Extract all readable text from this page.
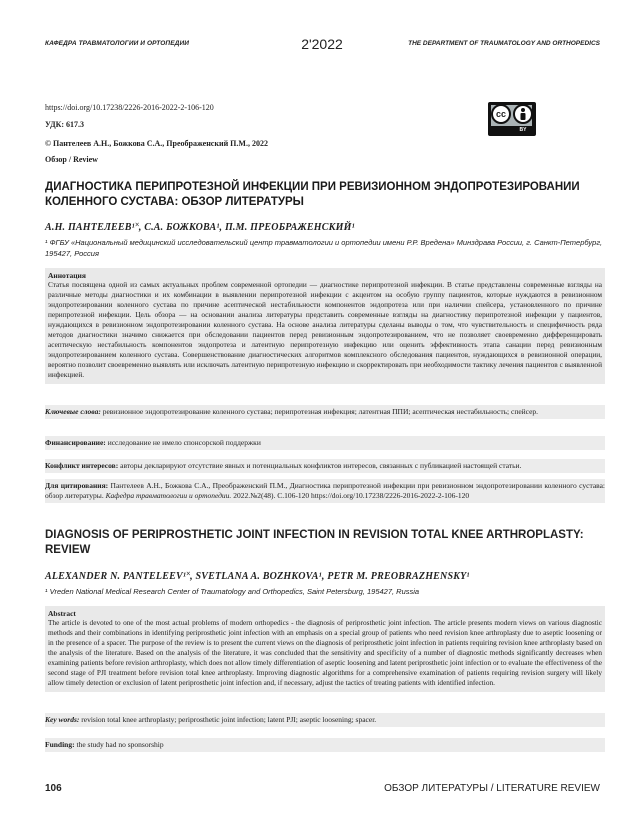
КАФЕДРА ТРАВМАТОЛОГИИ И ОРТОПЕДИИ	2'2022	THE DEPARTMENT OF TRAUMATOLOGY AND ORTHOPEDICS
https://doi.org/10.17238/2226-2016-2022-2-106-120
УДК: 617.3
© Пантелеев А.Н., Божкова С.А., Преображенский П.М., 2022
Обзор / Review
cc
BY
ДИАГНОСТИКА ПЕРИПРОТЕЗНОЙ ИНФЕКЦИИ ПРИ РЕВИЗИОННОМ ЭНДОПРОТЕЗИРОВАНИИ КОЛЕННОГО СУСТАВА: ОБЗОР ЛИТЕРАТУРЫ
А.Н. ПАНТЕЛЕЕВ¹˟, С.А. БОЖКОВА¹, П.М. ПРЕОБРАЖЕНСКИЙ¹
¹ ФГБУ «Национальный медицинский исследовательский центр травматологии и ортопедии имени Р.Р. Вредена» Минздрава России, г. Санкт-Петербург, 195427, Россия
Аннотация
Статья посвящена одной из самых актуальных проблем современной ортопедии — диагностике перипротезной инфекции. В статье представлены современные взгляды на различные методы диагностики и их комбинации в выявлении перипротезной инфекции с акцентом на особую группу пациентов, которые нуждаются в ревизионном эндопротезировании коленного сустава по причине асептической нестабильности компонентов эндопротеза или при наличии спейсера, установленного по причине перипротезной инфекции. Цель обзора — на основании анализа литературы представить современные взгляды на диагностику перипротезной инфекции у пациентов, нуждающихся в ревизионном эндопротезировании коленного сустава. На основе анализа литературы сделаны выводы о том, что чувствительность и специфичность ряда методов диагностики значимо снижается при обследовании пациентов перед ревизионным эндопротезированием, что не позволяет своевременно дифференцировать асептическую нестабильность компонентов эндопротеза и латентную перипротезную инфекцию или оценить эффективность этапа санации перед ревизионным эндопротезированием коленного сустава. Совершенствование диагностических алгоритмов комплексного обследования пациентов, нуждающихся в ревизионной операции, вероятно позволит своевременно выявлять или исключать латентную перипротезную инфекцию и скорректировать при необходимости тактику лечения пациентов с выявленной инфекцией.
Ключевые слова: ревизионное эндопротезирование коленного сустава; перипротезная инфекция; латентная ППИ; асептическая нестабильность; спейсер.
Финансирование: исследование не имело спонсорской поддержки
Конфликт интересов: авторы декларируют отсутствие явных и потенциальных конфликтов интересов, связанных с публикацией настоящей статьи.
Для цитирования: Пантелеев А.Н., Божкова С.А., Преображенский П.М., Диагностика перипротезной инфекции при ревизионном эндопротезировании коленного сустава: обзор литературы. Кафедра травматологии и ортопедии. 2022.№2(48). С.106-120 https://doi.org/10.17238/2226-2016-2022-2-106-120
DIAGNOSIS OF PERIPROSTHETIC JOINT INFECTION IN REVISION TOTAL KNEE ARTHROPLASTY: REVIEW
ALEXANDER N. PANTELEEV¹˟, SVETLANA A. BOZHKOVA¹, PETR M. PREOBRAZHENSKY¹
¹ Vreden National Medical Research Center of Traumatology and Orthopedics, Saint Petersburg, 195427, Russia
Abstract
The article is devoted to one of the most actual problems of modern orthopedics - the diagnosis of periprosthetic joint infection. The article presents modern views on various diagnostic methods and their combinations in identifying periprosthetic joint infection with an emphasis on a special group of patients who need revision knee arthroplasty due to aseptic loosening or in the presence of a spacer. The purpose of the review is to present the current views on the diagnosis of periprosthetic joint infection in patients requiring revision knee arthroplasty based on the analysis of the literature. Based on the analysis of the literature, it was concluded that the sensitivity and specificity of a number of diagnostic methods significantly decreases when examining patients before revision arthroplasty, which does not allow timely differentiation of aseptic loosening and latent periprosthetic joint infection or to evaluate the effectiveness of the second stage of PJI treatment before revision total knee arthroplasty. Improving diagnostic algorithms for a comprehensive examination of patients requiring revision surgery will likely allow timely detection or exclusion of latent periprosthetic joint infection and, if necessary, adjust the tactics of treating patients with identified infection.
Key words: revision total knee arthroplasty; periprosthetic joint infection; latent PJI; aseptic loosening; spacer.
Funding: the study had no sponsorship
106	ОБЗОР ЛИТЕРАТУРЫ / LITERATURE REVIEW
